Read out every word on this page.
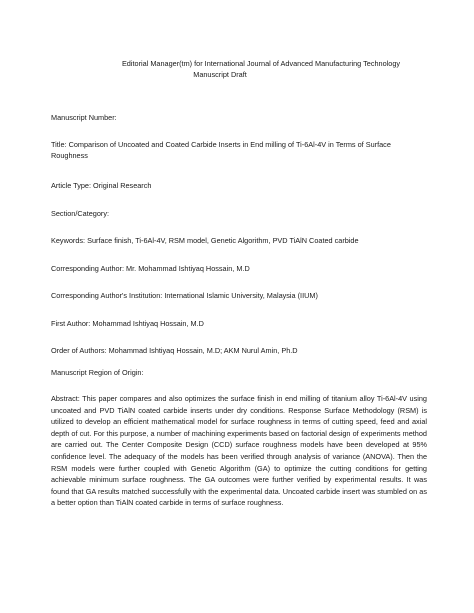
Editorial Manager(tm) for International Journal of Advanced Manufacturing Technology
Manuscript Draft

Manuscript Number:

Title: Comparison of Uncoated and Coated Carbide Inserts in End milling of Ti-6Al-4V in Terms of Surface Roughness

Article Type: Original Research

Section/Category:

Keywords: Surface finish, Ti-6Al-4V, RSM model, Genetic Algorithm, PVD TiAlN Coated carbide

Corresponding Author: Mr. Mohammad Ishtiyaq Hossain, M.D

Corresponding Author's Institution: International Islamic University, Malaysia (IIUM)

First Author: Mohammad Ishtiyaq Hossain, M.D

Order of Authors: Mohammad Ishtiyaq Hossain, M.D; AKM Nurul Amin, Ph.D

Manuscript Region of Origin:

Abstract: This paper compares and also optimizes the surface finish in end milling of titanium alloy Ti-6Al-4V using uncoated and PVD TiAlN coated carbide inserts under dry conditions. Response Surface Methodology (RSM) is utilized to develop an efficient mathematical model for surface roughness in terms of cutting speed, feed and axial depth of cut. For this purpose, a number of machining experiments based on factorial design of experiments method are carried out. The Center Composite Design (CCD) surface roughness models have been developed at 95% confidence level. The adequacy of the models has been verified through analysis of variance (ANOVA). Then the RSM models were further coupled with Genetic Algorithm (GA) to optimize the cutting conditions for getting achievable minimum surface roughness. The GA outcomes were further verified by experimental results. It was found that GA results matched successfully with the experimental data. Uncoated carbide insert was stumbled on as a better option than TiAlN coated carbide in terms of surface roughness.
